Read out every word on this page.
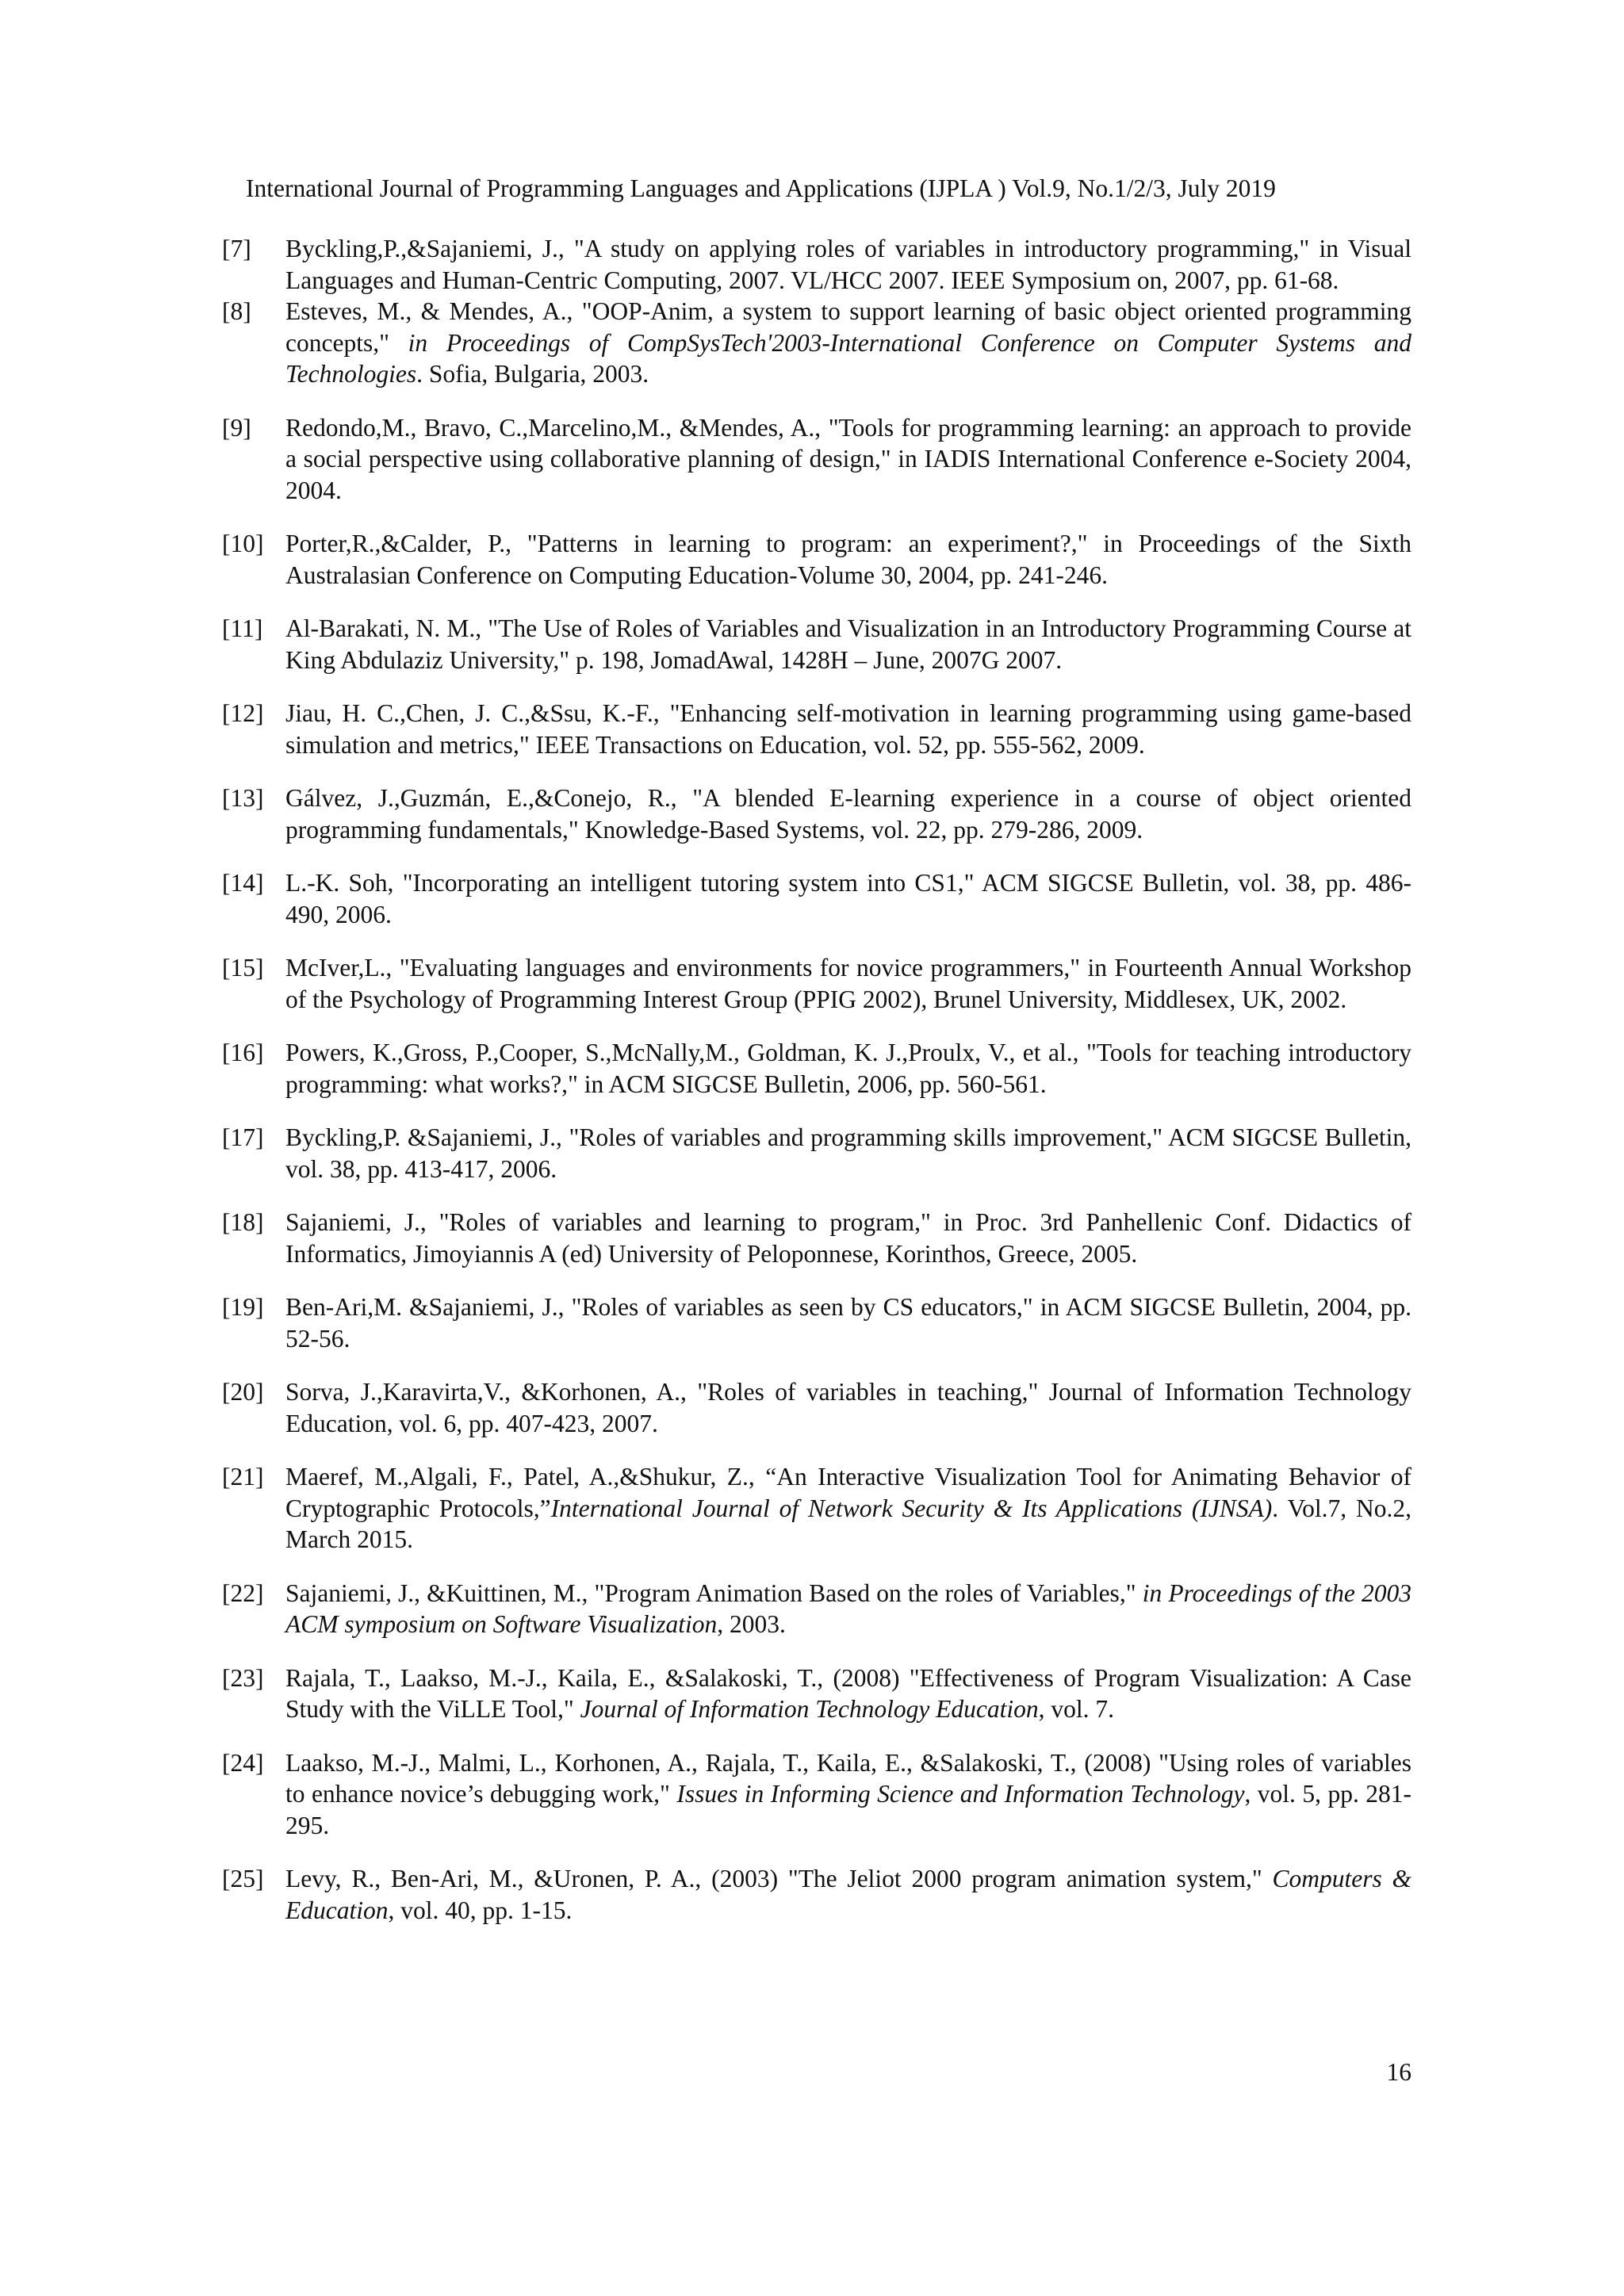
International Journal of Programming Languages and Applications (IJPLA ) Vol.9, No.1/2/3, July 2019
[7] Byckling,P.,&Sajaniemi, J., "A study on applying roles of variables in introductory programming," in Visual Languages and Human-Centric Computing, 2007. VL/HCC 2007. IEEE Symposium on, 2007, pp. 61-68.
[8] Esteves, M., & Mendes, A., "OOP-Anim, a system to support learning of basic object oriented programming concepts," in Proceedings of CompSysTech'2003-International Conference on Computer Systems and Technologies. Sofia, Bulgaria, 2003.
[9] Redondo,M., Bravo, C.,Marcelino,M., &Mendes, A., "Tools for programming learning: an approach to provide a social perspective using collaborative planning of design," in IADIS International Conference e-Society 2004, 2004.
[10] Porter,R.,&Calder, P., "Patterns in learning to program: an experiment?," in Proceedings of the Sixth Australasian Conference on Computing Education-Volume 30, 2004, pp. 241-246.
[11] Al-Barakati, N. M., "The Use of Roles of Variables and Visualization in an Introductory Programming Course at King Abdulaziz University," p. 198, JomadAwal, 1428H – June, 2007G 2007.
[12] Jiau, H. C.,Chen, J. C.,&Ssu, K.-F., "Enhancing self-motivation in learning programming using game-based simulation and metrics," IEEE Transactions on Education, vol. 52, pp. 555-562, 2009.
[13] Gálvez, J.,Guzmán, E.,&Conejo, R., "A blended E-learning experience in a course of object oriented programming fundamentals," Knowledge-Based Systems, vol. 22, pp. 279-286, 2009.
[14] L.-K. Soh, "Incorporating an intelligent tutoring system into CS1," ACM SIGCSE Bulletin, vol. 38, pp. 486-490, 2006.
[15] McIver,L., "Evaluating languages and environments for novice programmers," in Fourteenth Annual Workshop of the Psychology of Programming Interest Group (PPIG 2002), Brunel University, Middlesex, UK, 2002.
[16] Powers, K.,Gross, P.,Cooper, S.,McNally,M., Goldman, K. J.,Proulx, V., et al., "Tools for teaching introductory programming: what works?," in ACM SIGCSE Bulletin, 2006, pp. 560-561.
[17] Byckling,P. &Sajaniemi, J., "Roles of variables and programming skills improvement," ACM SIGCSE Bulletin, vol. 38, pp. 413-417, 2006.
[18] Sajaniemi, J., "Roles of variables and learning to program," in Proc. 3rd Panhellenic Conf. Didactics of Informatics, Jimoyiannis A (ed) University of Peloponnese, Korinthos, Greece, 2005.
[19] Ben-Ari,M. &Sajaniemi, J., "Roles of variables as seen by CS educators," in ACM SIGCSE Bulletin, 2004, pp. 52-56.
[20] Sorva, J.,Karavirta,V., &Korhonen, A., "Roles of variables in teaching," Journal of Information Technology Education, vol. 6, pp. 407-423, 2007.
[21] Maeref, M.,Algali, F., Patel, A.,&Shukur, Z., “An Interactive Visualization Tool for Animating Behavior of Cryptographic Protocols,”International Journal of Network Security & Its Applications (IJNSA). Vol.7, No.2, March 2015.
[22] Sajaniemi, J., &Kuittinen, M., "Program Animation Based on the roles of Variables," in Proceedings of the 2003 ACM symposium on Software Visualization, 2003.
[23] Rajala, T., Laakso, M.-J., Kaila, E., &Salakoski, T., (2008) "Effectiveness of Program Visualization: A Case Study with the ViLLE Tool," Journal of Information Technology Education, vol. 7.
[24] Laakso, M.-J., Malmi, L., Korhonen, A., Rajala, T., Kaila, E., &Salakoski, T., (2008) "Using roles of variables to enhance novice’s debugging work," Issues in Informing Science and Information Technology, vol. 5, pp. 281-295.
[25] Levy, R., Ben-Ari, M., &Uronen, P. A., (2003) "The Jeliot 2000 program animation system," Computers & Education, vol. 40, pp. 1-15.
16
